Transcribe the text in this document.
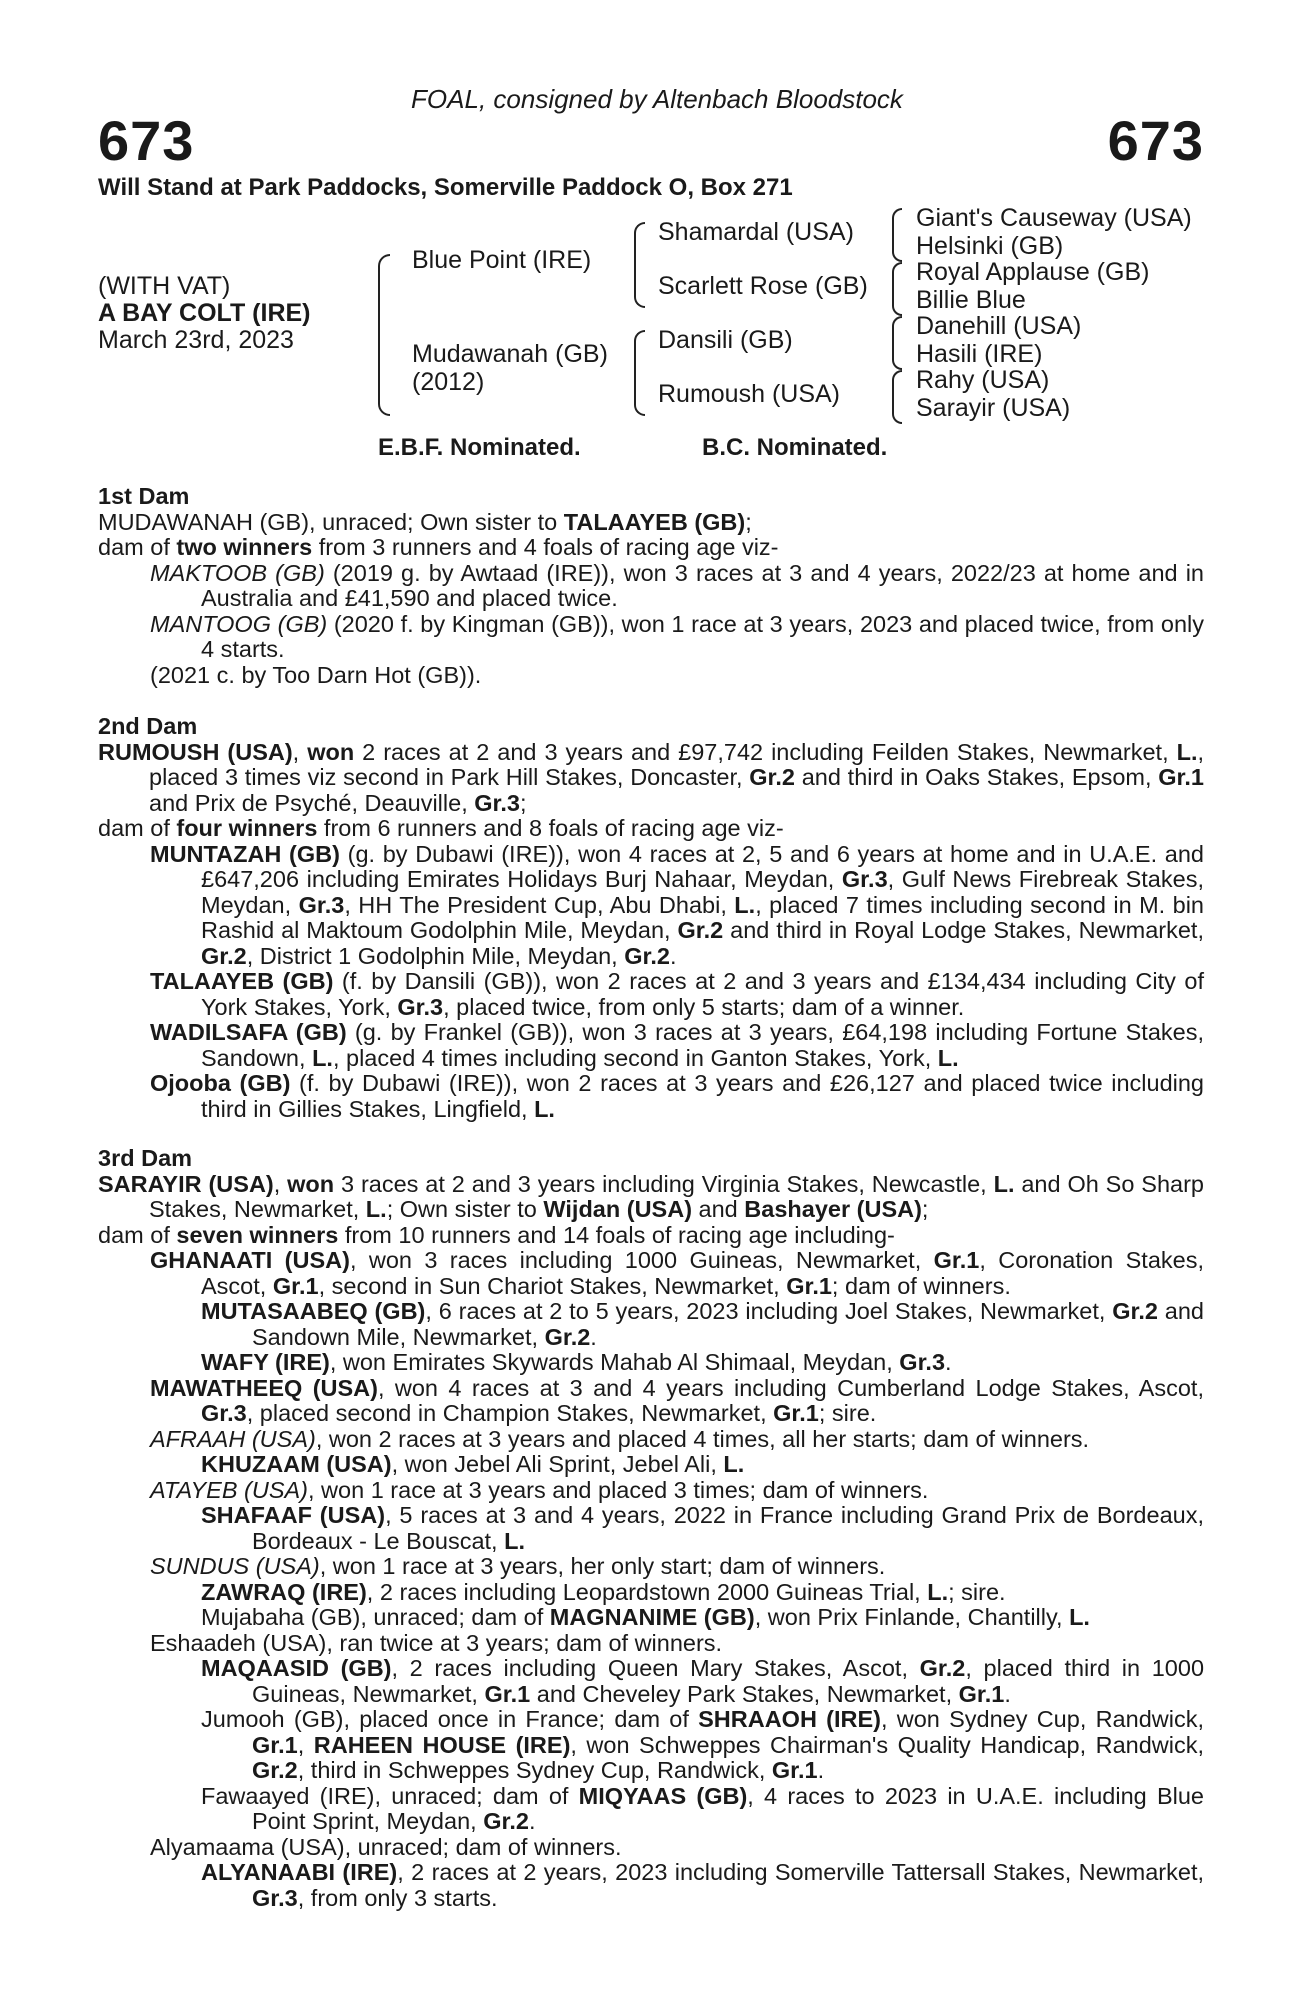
FOAL, consigned by Altenbach Bloodstock
673	673
Will Stand at Park Paddocks, Somerville Paddock O, Box 271
(WITH VAT)
A BAY COLT (IRE)
March 23rd, 2023
Blue Point (IRE)
Mudawanah (GB)
(2012)
Shamardal (USA)
Scarlett Rose (GB)
Dansili (GB)
Rumoush (USA)
Giant's Causeway (USA)
Helsinki (GB)
Royal Applause (GB)
Billie Blue
Danehill (USA)
Hasili (IRE)
Rahy (USA)
Sarayir (USA)
E.B.F. Nominated.	B.C. Nominated.
1st Dam

MUDAWANAH (GB), unraced; Own sister to TALAAYEB (GB);

dam of two winners from 3 runners and 4 foals of racing age viz-

MAKTOOB (GB) (2019 g. by Awtaad (IRE)), won 3 races at 3 and 4 years, 2022/23 at home and in Australia and £41,590 and placed twice.

MANTOOG (GB) (2020 f. by Kingman (GB)), won 1 race at 3 years, 2023 and placed twice, from only 4 starts.

(2021 c. by Too Darn Hot (GB)).

2nd Dam

RUMOUSH (USA), won 2 races at 2 and 3 years and £97,742 including Feilden Stakes, Newmarket, L., placed 3 times viz second in Park Hill Stakes, Doncaster, Gr.2 and third in Oaks Stakes, Epsom, Gr.1 and Prix de Psyché, Deauville, Gr.3;

dam of four winners from 6 runners and 8 foals of racing age viz-

MUNTAZAH (GB) (g. by Dubawi (IRE)), won 4 races at 2, 5 and 6 years at home and in U.A.E. and £647,206 including Emirates Holidays Burj Nahaar, Meydan, Gr.3, Gulf News Firebreak Stakes, Meydan, Gr.3, HH The President Cup, Abu Dhabi, L., placed 7 times including second in M. bin Rashid al Maktoum Godolphin Mile, Meydan, Gr.2 and third in Royal Lodge Stakes, Newmarket, Gr.2, District 1 Godolphin Mile, Meydan, Gr.2.

TALAAYEB (GB) (f. by Dansili (GB)), won 2 races at 2 and 3 years and £134,434 including City of York Stakes, York, Gr.3, placed twice, from only 5 starts; dam of a winner.

WADILSAFA (GB) (g. by Frankel (GB)), won 3 races at 3 years, £64,198 including Fortune Stakes, Sandown, L., placed 4 times including second in Ganton Stakes, York, L.

Ojooba (GB) (f. by Dubawi (IRE)), won 2 races at 3 years and £26,127 and placed twice including third in Gillies Stakes, Lingfield, L.

3rd Dam

SARAYIR (USA), won 3 races at 2 and 3 years including Virginia Stakes, Newcastle, L. and Oh So Sharp Stakes, Newmarket, L.; Own sister to Wijdan (USA) and Bashayer (USA);

dam of seven winners from 10 runners and 14 foals of racing age including-

GHANAATI (USA), won 3 races including 1000 Guineas, Newmarket, Gr.1, Coronation Stakes, Ascot, Gr.1, second in Sun Chariot Stakes, Newmarket, Gr.1; dam of winners.

MUTASAABEQ (GB), 6 races at 2 to 5 years, 2023 including Joel Stakes, Newmarket, Gr.2 and Sandown Mile, Newmarket, Gr.2.

WAFY (IRE), won Emirates Skywards Mahab Al Shimaal, Meydan, Gr.3.

MAWATHEEQ (USA), won 4 races at 3 and 4 years including Cumberland Lodge Stakes, Ascot, Gr.3, placed second in Champion Stakes, Newmarket, Gr.1; sire.

AFRAAH (USA), won 2 races at 3 years and placed 4 times, all her starts; dam of winners.

KHUZAAM (USA), won Jebel Ali Sprint, Jebel Ali, L.

ATAYEB (USA), won 1 race at 3 years and placed 3 times; dam of winners.

SHAFAAF (USA), 5 races at 3 and 4 years, 2022 in France including Grand Prix de Bordeaux, Bordeaux - Le Bouscat, L.

SUNDUS (USA), won 1 race at 3 years, her only start; dam of winners.

ZAWRAQ (IRE), 2 races including Leopardstown 2000 Guineas Trial, L.; sire.

Mujabaha (GB), unraced; dam of MAGNANIME (GB), won Prix Finlande, Chantilly, L.

Eshaadeh (USA), ran twice at 3 years; dam of winners.

MAQAASID (GB), 2 races including Queen Mary Stakes, Ascot, Gr.2, placed third in 1000 Guineas, Newmarket, Gr.1 and Cheveley Park Stakes, Newmarket, Gr.1.

Jumooh (GB), placed once in France; dam of SHRAAOH (IRE), won Sydney Cup, Randwick, Gr.1, RAHEEN HOUSE (IRE), won Schweppes Chairman's Quality Handicap, Randwick, Gr.2, third in Schweppes Sydney Cup, Randwick, Gr.1.

Fawaayed (IRE), unraced; dam of MIQYAAS (GB), 4 races to 2023 in U.A.E. including Blue Point Sprint, Meydan, Gr.2.

Alyamaama (USA), unraced; dam of winners.

ALYANAABI (IRE), 2 races at 2 years, 2023 including Somerville Tattersall Stakes, Newmarket, Gr.3, from only 3 starts.
